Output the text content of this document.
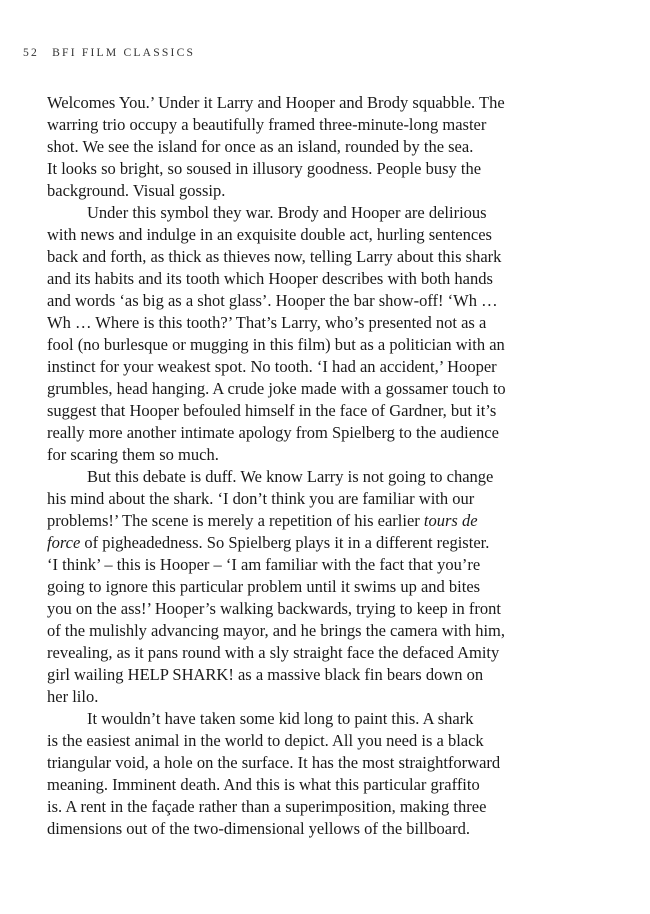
52 BFI FILM CLASSICS
Welcomes You.’ Under it Larry and Hooper and Brody squabble. The
warring trio occupy a beautifully framed three-minute-long master
shot. We see the island for once as an island, rounded by the sea.
It looks so bright, so soused in illusory goodness. People busy the
background. Visual gossip.
Under this symbol they war. Brody and Hooper are delirious
with news and indulge in an exquisite double act, hurling sentences
back and forth, as thick as thieves now, telling Larry about this shark
and its habits and its tooth which Hooper describes with both hands
and words ‘as big as a shot glass’. Hooper the bar show-off! ‘Wh …
Wh … Where is this tooth?’ That’s Larry, who’s presented not as a
fool (no burlesque or mugging in this film) but as a politician with an
instinct for your weakest spot. No tooth. ‘I had an accident,’ Hooper
grumbles, head hanging. A crude joke made with a gossamer touch to
suggest that Hooper befouled himself in the face of Gardner, but it’s
really more another intimate apology from Spielberg to the audience
for scaring them so much.
But this debate is duff. We know Larry is not going to change
his mind about the shark. ‘I don’t think you are familiar with our
problems!’ The scene is merely a repetition of his earlier tours de
force of pigheadedness. So Spielberg plays it in a different register.
‘I think’ – this is Hooper – ‘I am familiar with the fact that you’re
going to ignore this particular problem until it swims up and bites
you on the ass!’ Hooper’s walking backwards, trying to keep in front
of the mulishly advancing mayor, and he brings the camera with him,
revealing, as it pans round with a sly straight face the defaced Amity
girl wailing HELP SHARK! as a massive black fin bears down on
her lilo.
It wouldn’t have taken some kid long to paint this. A shark
is the easiest animal in the world to depict. All you need is a black
triangular void, a hole on the surface. It has the most straightforward
meaning. Imminent death. And this is what this particular graffito
is. A rent in the façade rather than a superimposition, making three
dimensions out of the two-dimensional yellows of the billboard.
